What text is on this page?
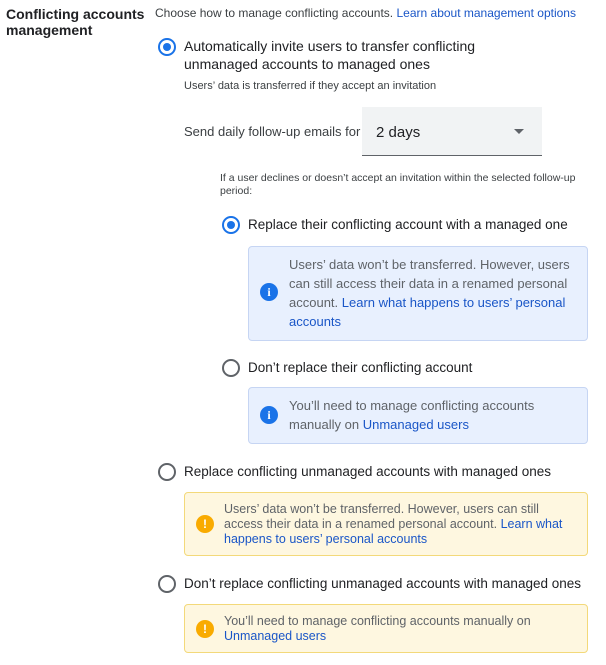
Conflicting accounts management
Choose how to manage conflicting accounts. Learn about management options
Automatically invite users to transfer conflicting unmanaged accounts to managed ones
Users’ data is transferred if they accept an invitation
Send daily follow-up emails for 2 days
If a user declines or doesn’t accept an invitation within the selected follow-up period:
Replace their conflicting account with a managed one
i
Users’ data won’t be transferred. However, users can still access their data in a renamed personal account. Learn what happens to users’ personal accounts
Don’t replace their conflicting account
i
You’ll need to manage conflicting accounts manually on Unmanaged users
Replace conflicting unmanaged accounts with managed ones
!
Users’ data won’t be transferred. However, users can still access their data in a renamed personal account. Learn what happens to users’ personal accounts
Don’t replace conflicting unmanaged accounts with managed ones
!
You’ll need to manage conflicting accounts manually on Unmanaged users
